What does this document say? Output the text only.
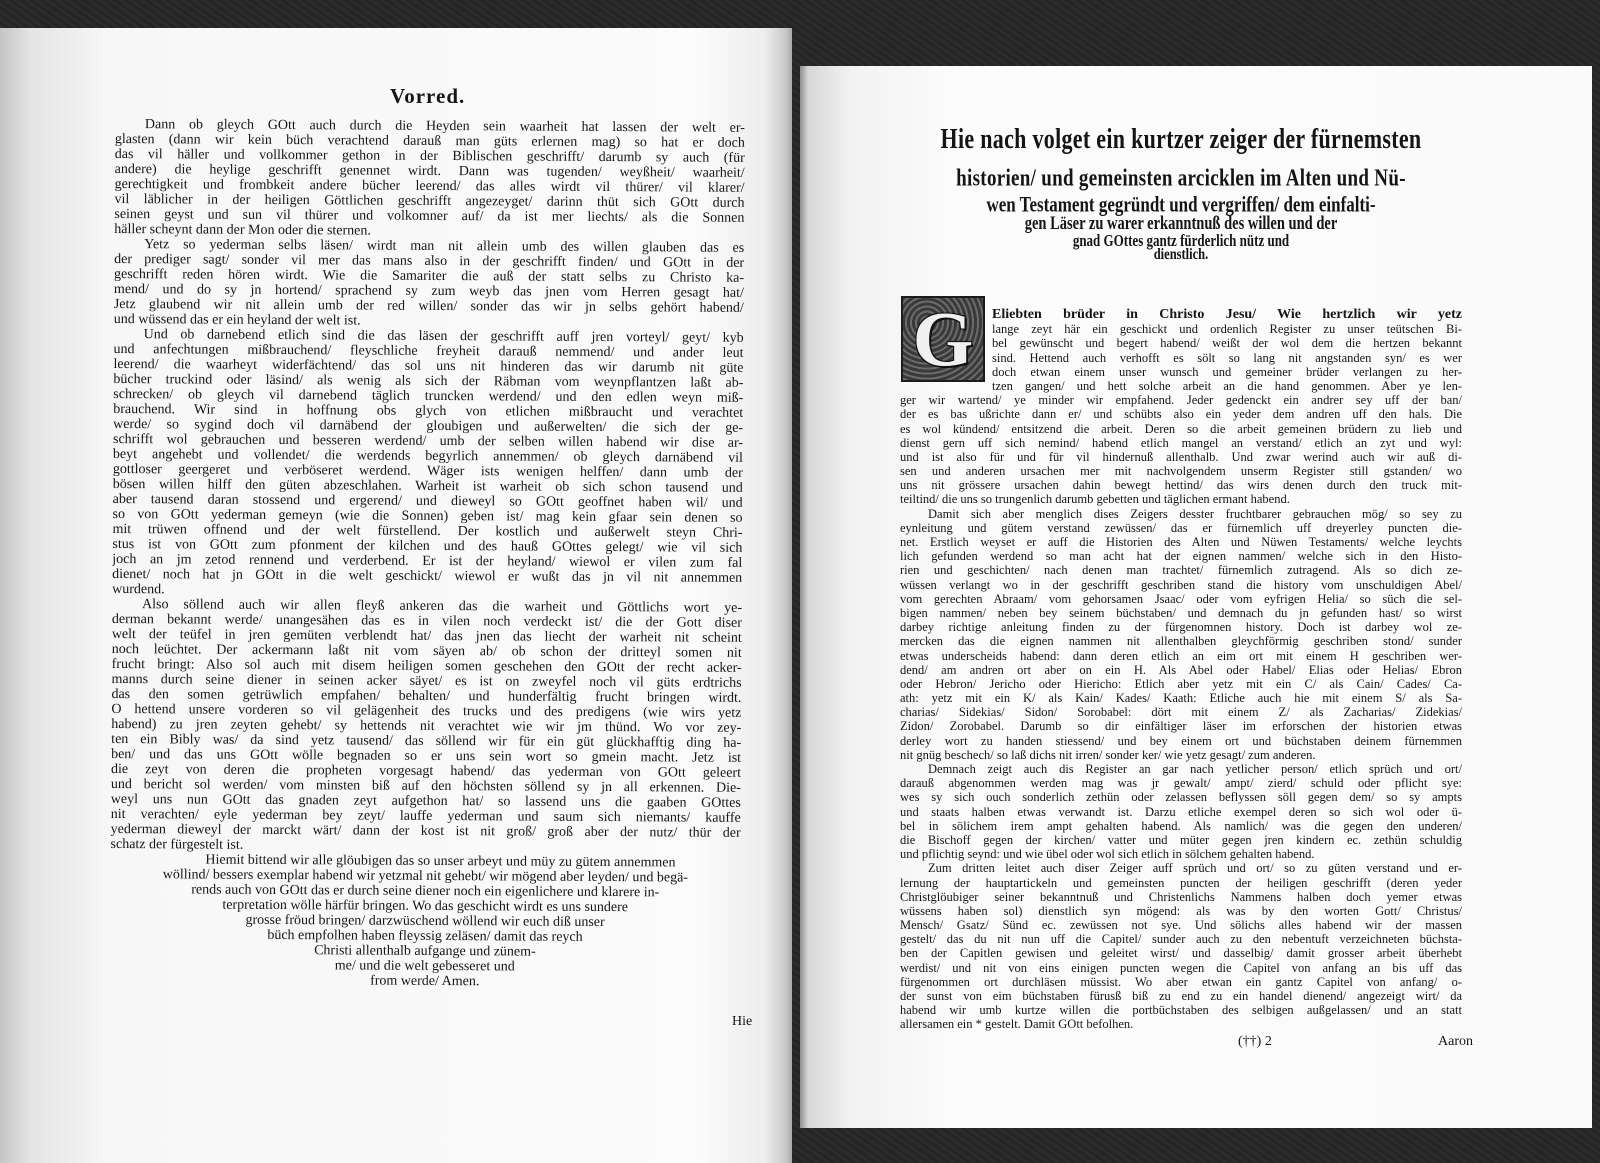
Vorred.
Dann ob gleych GOtt auch durch die Heyden sein waarheit hat lassen der welt er-
glasten (dann wir kein büch verachtend darauß man güts erlernen mag) so hat er doch
das vil häller und vollkommer gethon in der Biblischen geschrifft/ darumb sy auch (für
andere) die heylige geschrifft genennet wirdt. Dann was tugenden/ weyßheit/ waarheit/
gerechtigkeit und frombkeit andere bücher leerend/ das alles wirdt vil thürer/ vil klarer/
vil läblicher in der heiligen Göttlichen geschrifft angezeyget/ darinn thüt sich GOtt durch
seinen geyst und sun vil thürer und volkomner auf/ da ist mer liechts/ als die Sonnen
häller scheynt dann der Mon oder die sternen.
Yetz so yederman selbs läsen/ wirdt man nit allein umb des willen glauben das es
der prediger sagt/ sonder vil mer das mans also in der geschrifft finden/ und GOtt in der
geschrifft reden hören wirdt. Wie die Samariter die auß der statt selbs zu Christo ka-
mend/ und do sy jn hortend/ sprachend sy zum weyb das jnen vom Herren gesagt hat/
Jetz glaubend wir nit allein umb der red willen/ sonder das wir jn selbs gehört habend/
und wüssend das er ein heyland der welt ist.
Und ob darnebend etlich sind die das läsen der geschrifft auff jren vorteyl/ geyt/ kyb
und anfechtungen mißbrauchend/ fleyschliche freyheit darauß nemmend/ und ander leut
leerend/ die waarheyt widerfächtend/ das sol uns nit hinderen das wir darumb nit güte
bücher truckind oder läsind/ als wenig als sich der Räbman vom weynpflantzen laßt ab-
schrecken/ ob gleych vil darnebend täglich truncken werdend/ und den edlen weyn miß-
brauchend. Wir sind in hoffnung obs glych von etlichen mißbraucht und verachtet
werde/ so sygind doch vil darnäbend der gloubigen und außerwelten/ die sich der ge-
schrifft wol gebrauchen und besseren werdend/ umb der selben willen habend wir dise ar-
beyt angehebt und vollendet/ die werdends begyrlich annemmen/ ob gleych darnäbend vil
gottloser geergeret und verböseret werdend. Wäger ists wenigen helffen/ dann umb der
bösen willen hilff den güten abzeschlahen. Warheit ist warheit ob sich schon tausend und
aber tausend daran stossend und ergerend/ und dieweyl so GOtt geoffnet haben wil/ und
so von GOtt yederman gemeyn (wie die Sonnen) geben ist/ mag kein gfaar sein denen so
mit trüwen offnend und der welt fürstellend. Der kostlich und außerwelt steyn Chri-
stus ist von GOtt zum pfonment der kilchen und des hauß GOttes gelegt/ wie vil sich
joch an jm zetod rennend und verderbend. Er ist der heyland/ wiewol er vilen zum fal
dienet/ noch hat jn GOtt in die welt geschickt/ wiewol er wußt das jn vil nit annemmen
wurdend.
Also söllend auch wir allen fleyß ankeren das die warheit und Göttlichs wort ye-
derman bekannt werde/ unangesähen das es in vilen noch verdeckt ist/ die der Gott diser
welt der teüfel in jren gemüten verblendt hat/ das jnen das liecht der warheit nit scheint
noch leüchtet. Der ackermann laßt nit vom säyen ab/ ob schon der dritteyl somen nit
frucht bringt: Also sol auch mit disem heiligen somen geschehen den GOtt der recht acker-
manns durch seine diener in seinen acker säyet/ es ist on zweyfel noch vil güts erdtrichs
das den somen getrüwlich empfahen/ behalten/ und hunderfältig frucht bringen wirdt.
O hettend unsere vorderen so vil gelägenheit des trucks und des predigens (wie wirs yetz
habend) zu jren zeyten gehebt/ sy hettends nit verachtet wie wir jm thünd. Wo vor zey-
ten ein Bibly was/ da sind yetz tausend/ das söllend wir für ein güt glückhafftig ding ha-
ben/ und das uns GOtt wölle begnaden so er uns sein wort so gmein macht. Jetz ist
die zeyt von deren die propheten vorgesagt habend/ das yederman von GOtt geleert
und bericht sol werden/ vom minsten biß auf den höchsten söllend sy jn all erkennen. Die-
weyl uns nun GOtt das gnaden zeyt aufgethon hat/ so lassend uns die gaaben GOttes
nit verachten/ eyle yederman bey zeyt/ lauffe yederman und saum sich niemants/ kauffe
yederman dieweyl der marckt wärt/ dann der kost ist nit groß/ groß aber der nutz/ thür der
schatz der fürgestelt ist.
Hiemit bittend wir alle glöubigen das so unser arbeyt und müy zu gütem annemmen
wöllind/ bessers exemplar habend wir yetzmal nit gehebt/ wir mögend aber leyden/ und begä-
rends auch von GOtt das er durch seine diener noch ein eigenlichere und klarere in-
terpretation wölle härfür bringen. Wo das geschicht wirdt es uns sundere
grosse fröud bringen/ darzwüschend wöllend wir euch diß unser
büch empfolhen haben fleyssig zeläsen/ damit das reych
Christi allenthalb aufgange und zünem-
me/ und die welt gebesseret und
from werde/ Amen.
Hie
Hie nach volget ein kurtzer zeiger der fürnemsten
historien/ und gemeinsten arcicklen im Alten und Nü-
wen Testament gegründt und vergriffen/ dem einfalti-
gen Läser zu warer erkanntnuß des willen und der
gnad GOttes gantz fürderlich nütz und
dienstlich.
G	Eliebten brüder in Christo Jesu/ Wie hertzlich wir yetz
lange zeyt här ein geschickt und ordenlich Register zu unser teütschen Bi-
bel gewünscht und begert habend/ weißt der wol dem die hertzen bekannt
sind. Hettend auch verhofft es sölt so lang nit angstanden syn/ es wer
doch etwan einem unser wunsch und gemeiner brüder verlangen zu her-
tzen gangen/ und hett solche arbeit an die hand genommen. Aber ye len-
ger wir wartend/ ye minder wir empfahend. Jeder gedenckt ein andrer sey uff der ban/
der es bas ußrichte dann er/ und schübts also ein yeder dem andren uff den hals. Die
es wol kündend/ entsitzend die arbeit. Deren so die arbeit gemeinen brüdern zu lieb und
dienst gern uff sich nemind/ habend etlich mangel an verstand/ etlich an zyt und wyl:
und ist also für und für vil hindernuß allenthalb. Und zwar werind auch wir auß di-
sen und anderen ursachen mer mit nachvolgendem unserm Register still gstanden/ wo
uns nit grössere ursachen dahin bewegt hettind/ das wirs denen durch den truck mit-
teiltind/ die uns so trungenlich darumb gebetten und täglichen ermant habend.
Damit sich aber menglich dises Zeigers desster fruchtbarer gebrauchen mög/ so sey zu
eynleitung und gütem verstand zewüssen/ das er fürnemlich uff dreyerley puncten die-
net. Erstlich weyset er auff die Historien des Alten und Nüwen Testaments/ welche leychts
lich gefunden werdend so man acht hat der eignen nammen/ welche sich in den Histo-
rien und geschichten/ nach denen man trachtet/ fürnemlich zutragend. Als so dich ze-
wüssen verlangt wo in der geschrifft geschriben stand die history vom unschuldigen Abel/
vom gerechten Abraam/ vom gehorsamen Jsaac/ oder vom eyfrigen Helia/ so süch die sel-
bigen nammen/ neben bey seinem büchstaben/ und demnach du jn gefunden hast/ so wirst
darbey richtige anleitung finden zu der fürgenomnen history. Doch ist darbey wol ze-
mercken das die eignen nammen nit allenthalben gleychförmig geschriben stond/ sunder
etwas underscheids habend: dann deren etlich an eim ort mit einem H geschriben wer-
dend/ am andren ort aber on ein H. Als Abel oder Habel/ Elias oder Helias/ Ebron
oder Hebron/ Jericho oder Hiericho: Etlich aber yetz mit ein C/ als Cain/ Cades/ Ca-
ath: yetz mit ein K/ als Kain/ Kades/ Kaath: Etliche auch hie mit einem S/ als Sa-
charias/ Sidekias/ Sidon/ Sorobabel: dört mit einem Z/ als Zacharias/ Zidekias/
Zidon/ Zorobabel. Darumb so dir einfältiger läser im erforschen der historien etwas
derley wort zu handen stiessend/ und bey einem ort und büchstaben deinem fürnemmen
nit gnüg beschech/ so laß dichs nit irren/ sonder ker/ wie yetz gesagt/ zum anderen.
Demnach zeigt auch dis Register an gar nach yetlicher person/ etlich sprüch und ort/
darauß abgenommen werden mag was jr gewalt/ ampt/ zierd/ schuld oder pflicht sye:
wes sy sich ouch sonderlich zethün oder zelassen beflyssen söll gegen dem/ so sy ampts
und staats halben etwas verwandt ist. Darzu etliche exempel deren so sich wol oder ü-
bel in sölichem irem ampt gehalten habend. Als namlich/ was die gegen den underen/
die Bischoff gegen der kirchen/ vatter und müter gegen jren kindern ec. zethün schuldig
und pflichtig seynd: und wie übel oder wol sich etlich in sölchem gehalten habend.
Zum dritten leitet auch diser Zeiger auff sprüch und ort/ so zu güten verstand und er-
lernung der hauptartickeln und gemeinsten puncten der heiligen geschrifft (deren yeder
Christglöubiger seiner bekanntnuß und Christenlichs Nammens halben doch yemer etwas
wüssens haben sol) dienstlich syn mögend: als was by den worten Gott/ Christus/
Mensch/ Gsatz/ Sünd ec. zewüssen not sye. Und sölichs alles habend wir der massen
gestelt/ das du nit nun uff die Capitel/ sunder auch zu den nebentuft verzeichneten büchsta-
ben der Capitlen gewisen und geleitet wirst/ und dasselbig/ damit grosser arbeit überhebt
werdist/ und nit von eins einigen puncten wegen die Capitel von anfang an bis uff das
fürgenommen ort durchläsen müssist. Wo aber etwan ein gantz Capitel von anfang/ o-
der sunst von eim büchstaben fürusß biß zu end zu ein handel dienend/ angezeigt wirt/ da
habend wir umb kurtze willen die portbüchstaben des selbigen außgelassen/ und an statt
allersamen ein * gestelt. Damit GOtt befolhen.
(††) 2	Aaron
